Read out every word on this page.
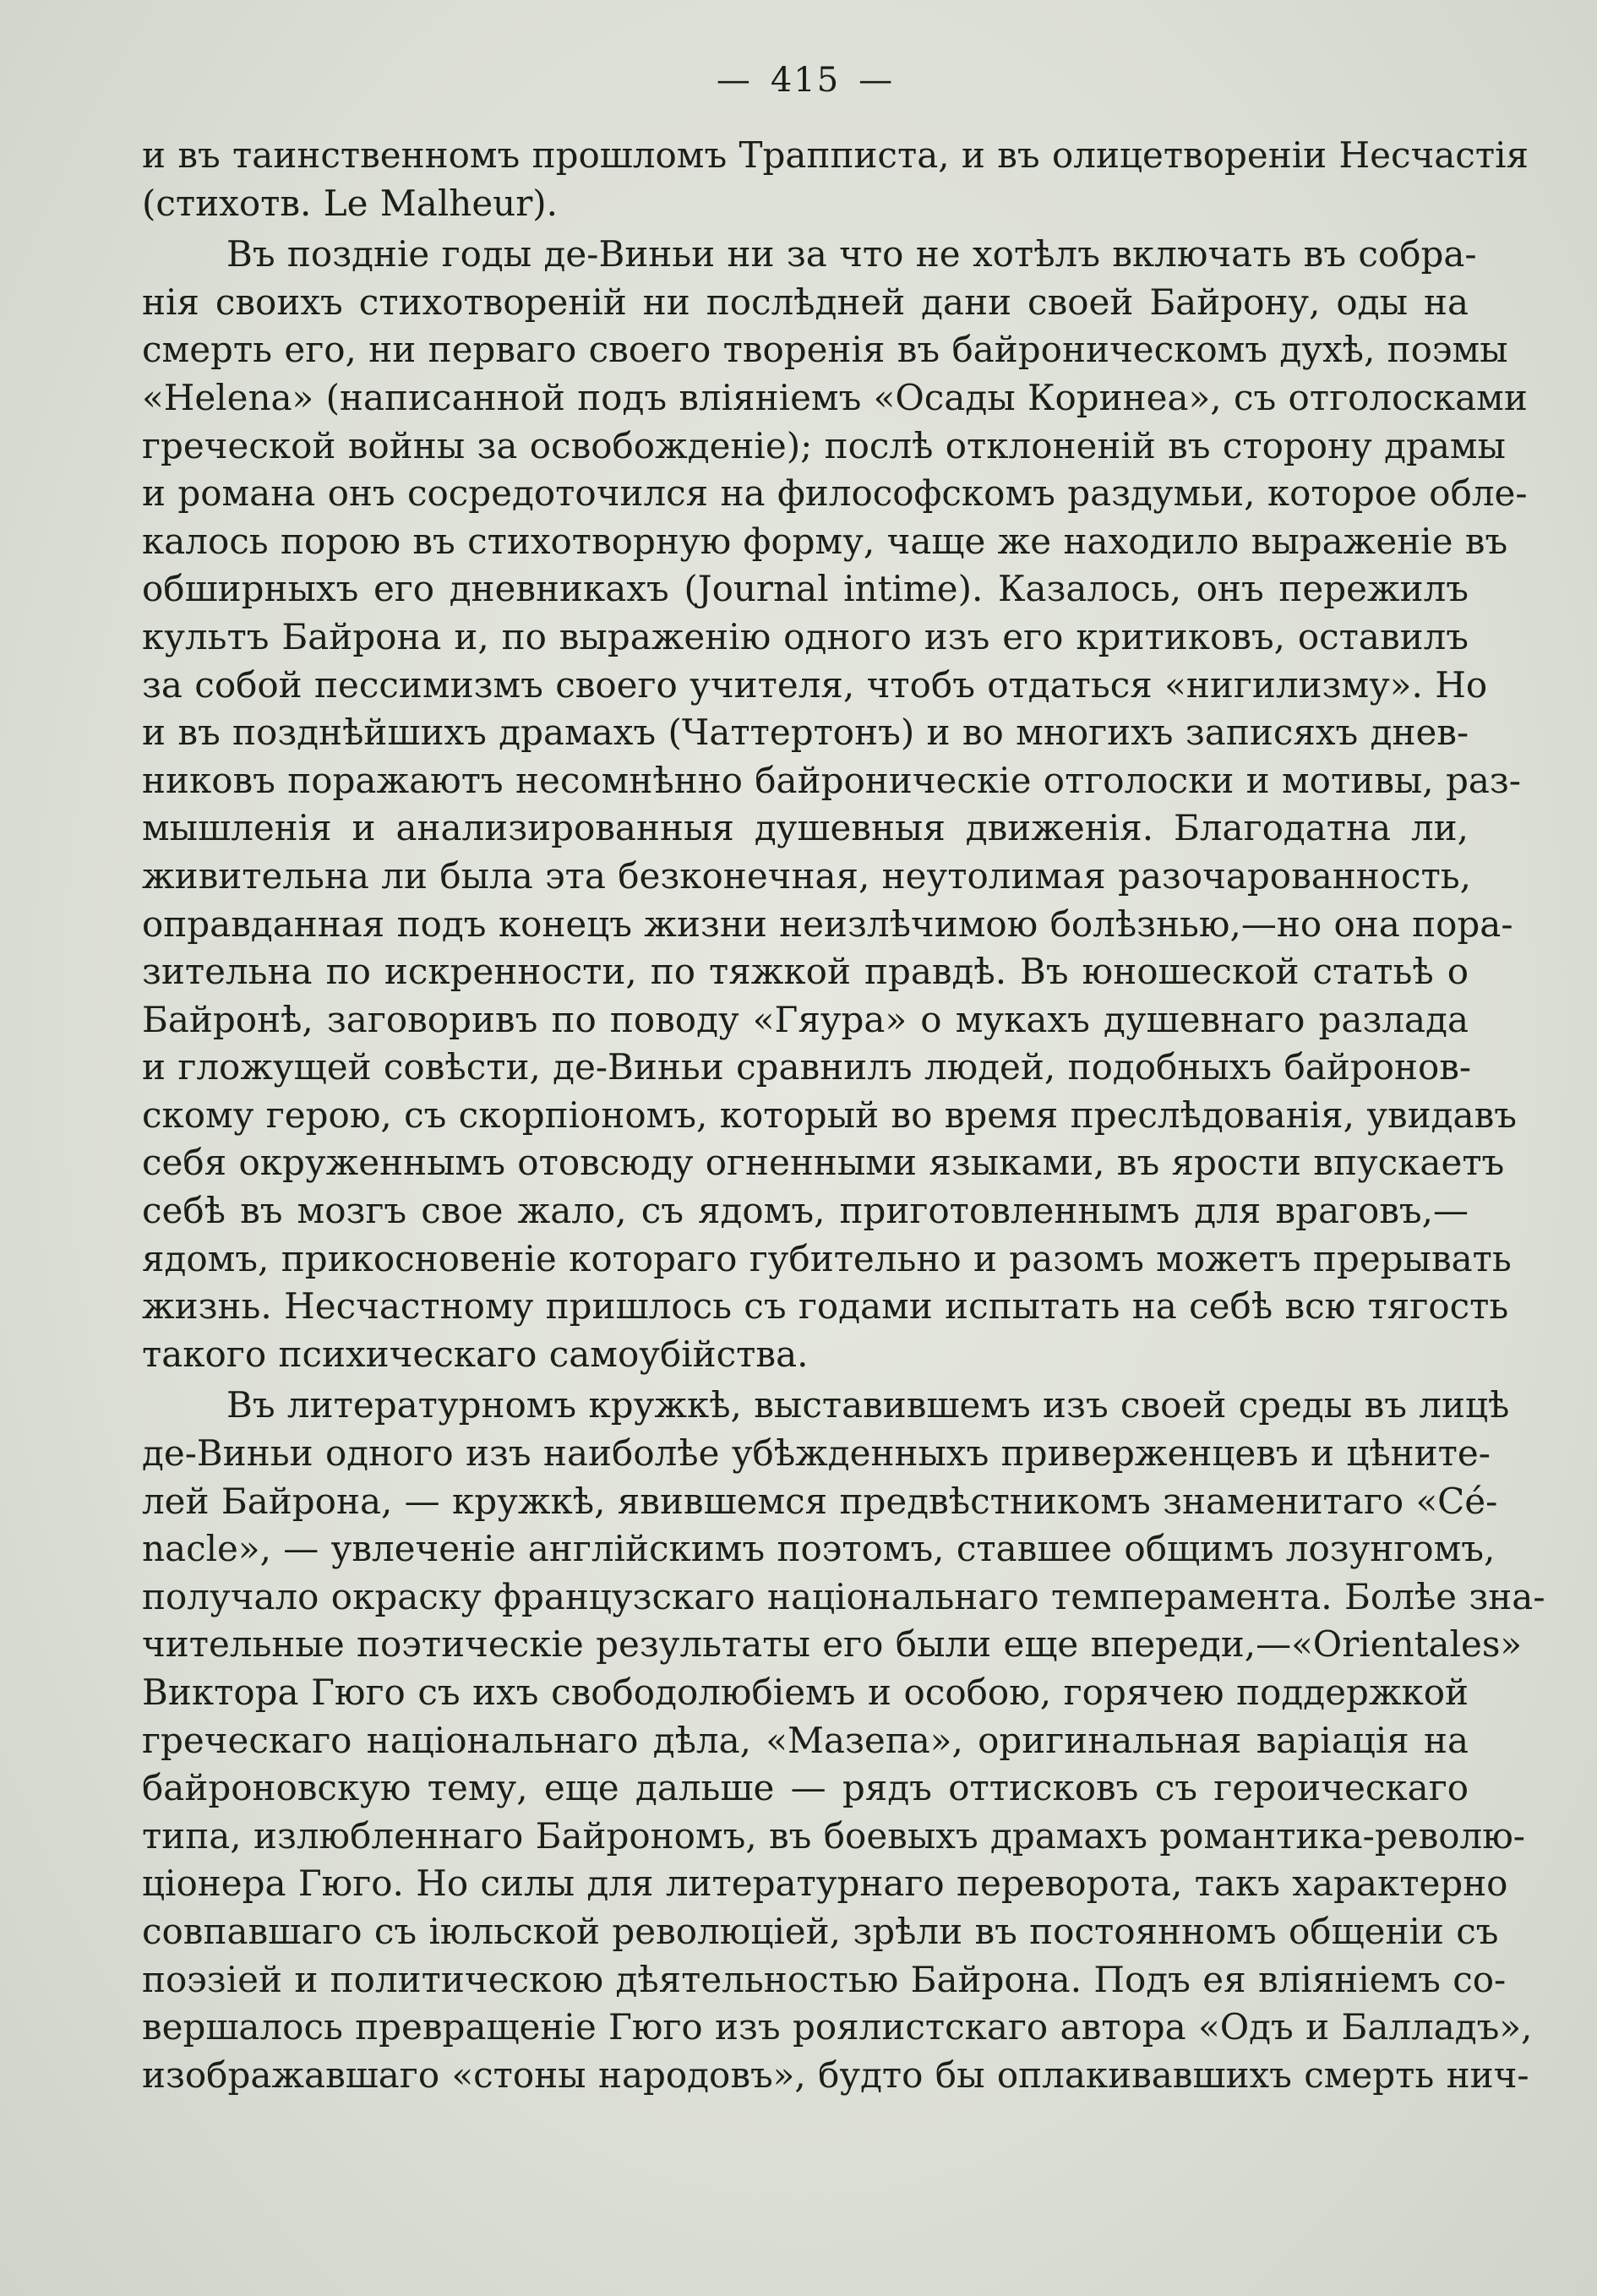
— 415 —

и въ таинственномъ прошломъ Трапписта, и въ олицетвореніи Несчастія
(стихотв. Le Malheur).

Въ поздніе годы де-Виньи ни за что не хотѣлъ включать въ собра-
нія своихъ стихотвореній ни послѣдней дани своей Байрону, оды на
смерть его, ни перваго своего творенія въ байроническомъ духѣ, поэмы
«Helena» (написанной подъ вліяніемъ «Осады Коринеа», съ отголосками
греческой войны за освобожденіе); послѣ отклоненій въ сторону драмы
и романа онъ сосредоточился на философскомъ раздумьи, которое обле-
калось порою въ стихотворную форму, чаще же находило выраженіе въ
обширныхъ его дневникахъ (Journal intime). Казалось, онъ пережилъ
культъ Байрона и, по выраженію одного изъ его критиковъ, оставилъ
за собой пессимизмъ своего учителя, чтобъ отдаться «нигилизму». Но
и въ позднѣйшихъ драмахъ (Чаттертонъ) и во многихъ записяхъ днев-
никовъ поражаютъ несомнѣнно байроническіе отголоски и мотивы, раз-
мышленія и анализированныя душевныя движенія. Благодатна ли,
живительна ли была эта безконечная, неутолимая разочарованность,
оправданная подъ конецъ жизни неизлѣчимою болѣзнью,—но она пора-
зительна по искренности, по тяжкой правдѣ. Въ юношеской статьѣ о
Байронѣ, заговоривъ по поводу «Гяура» о мукахъ душевнаго разлада
и гложущей совѣсти, де-Виньи сравнилъ людей, подобныхъ байронов-
скому герою, съ скорпіономъ, который во время преслѣдованія, увидавъ
себя окруженнымъ отовсюду огненными языками, въ ярости впускаетъ
себѣ въ мозгъ свое жало, съ ядомъ, приготовленнымъ для враговъ,—
ядомъ, прикосновеніе котораго губительно и разомъ можетъ прерывать
жизнь. Несчастному пришлось съ годами испытать на себѣ всю тягость
такого психическаго самоубійства.

Въ литературномъ кружкѣ, выставившемъ изъ своей среды въ лицѣ
де-Виньи одного изъ наиболѣе убѣжденныхъ приверженцевъ и цѣните-
лей Байрона, — кружкѣ, явившемся предвѣстникомъ знаменитаго «Cé-
nacle», — увлеченіе англійскимъ поэтомъ, ставшее общимъ лозунгомъ,
получало окраску французскаго національнаго темперамента. Болѣе зна-
чительные поэтическіе результаты его были еще впереди,—«Orientales»
Виктора Гюго съ ихъ свободолюбіемъ и особою, горячею поддержкой
греческаго національнаго дѣла, «Мазепа», оригинальная варіація на
байроновскую тему, еще дальше — рядъ оттисковъ съ героическаго
типа, излюбленнаго Байрономъ, въ боевыхъ драмахъ романтика-револю-
ціонера Гюго. Но силы для литературнаго переворота, такъ характерно
совпавшаго съ іюльской революціей, зрѣли въ постоянномъ общеніи съ
поэзіей и политическою дѣятельностью Байрона. Подъ ея вліяніемъ со-
вершалось превращеніе Гюго изъ роялистскаго автора «Одъ и Балладъ»,
изображавшаго «стоны народовъ», будто бы оплакивавшихъ смерть нич-
